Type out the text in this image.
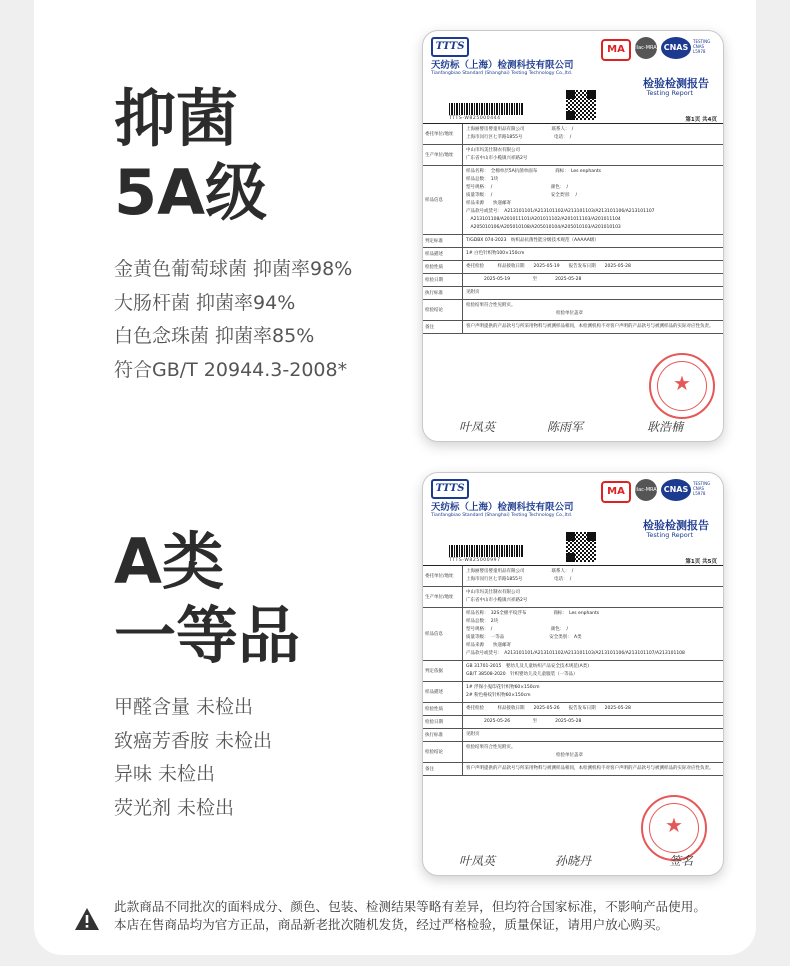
抑菌
5A级
金黄色葡萄球菌 抑菌率98%
大肠杆菌 抑菌率94%
白色念珠菌 抑菌率85%
符合GB/T 20944.3-2008*
TTTS
天纺标（上海）检测科技有限公司
Tianfangbiao Standard (Shanghai) Testing Technology Co.,ltd.
MA	ilac-MRA CNAS
TESTING CNAS L5978
检验检测报告
Testing Report
TTTS-W825000444	第1页 共4页
委托单位/地址
上海丽婴房婴童用品有限公司　　　　　　联系人：　/
上海市闵行区七莘路1855号　　　　　　　电话：　/
生产单位/地址
中山市玛美仕制衣有限公司
广东省中山市小榄镇兴祥路2号
样品信息
样品名称：　全棉单层5A抗菌单面布　　　　商标：　Les enphants
样品总数：　1块
型号规格：　/　　　　　　　　　　　　　颜色：　/
质量等级：　/　　　　　　　　　　　　　安全类别：　/
样品来源　　快递邮寄
产品款号或货号：　A213101101/A213101102/A213101103/A213101106/A213101107
　A213101108/A201011101/A201011102/A201011103/A201011104
　A205010106/A205010108/A205010104/A205010103/A201010103
判定标准	T/GDBX 074-2023　纺织品抗菌性能分级技术规范（AAAAA级）
样品描述	1# 白色针织物100×150cm
检验性质	委托检验　　　样品接收日期　　2025-05-19　　报告发布日期　　2025-05-28
检验日期	　　　　2025-05-19　　　　　至　　　　2025-05-28
执行标准	见附页
检验结论
检验结果符合性见附页。
　　　　　　　　　　　　　　　　　　　　检验单位盖章
备注	客户声明提供的产品款号与所采用物料与被测样品相同，本检测机构不对客户声明的产品款号与被测样品的实际对应性负责。
★
叶凤英	陈雨军	耿浩楠
A类
一等品
甲醛含量 未检出
致癌芳香胺 未检出
异味 未检出
荧光剂 未检出
TTTS
天纺标（上海）检测科技有限公司
Tianfangbiao Standard (Shanghai) Testing Technology Co.,ltd.
MA	ilac-MRA CNAS
TESTING CNAS L5978
检验检测报告
Testing Report
TTTS-W825000997	第1页 共5页
委托单位/地址
上海丽婴房婴童用品有限公司　　　　　　联系人：　/
上海市闵行区七莘路1855号　　　　　　　电话：　/
生产单位/地址
中山市玛美仕制衣有限公司
广东省中山市小榄镇兴祥路2号
样品信息
样品名称：　32S全棉平纹浮布　　　　　　商标：　Les enphants
样品总数：　2块
型号规格：　/　　　　　　　　　　　　　颜色：　/
质量等级：　一等品　　　　　　　　　　安全类别：　A类
样品来源　　快递邮寄
产品款号或货号：　A213101101/A213101102/A213101103/A213101106/A213101107/A213101108
判定依据
GB 31701-2015　婴幼儿及儿童纺织产品安全技术规范(A类)
GB/T 38508-2020　针织婴幼儿及儿童服装（一等品）
样品描述
1# 浮保小鬼印花针织物60×150cm
2# 粉色格纹针织物60×150cm
检验性质	委托检验　　　样品接收日期　　2025-05-26　　报告发布日期　　2025-05-28
检验日期	　　　　2025-05-26　　　　　至　　　　2025-05-28
执行标准	见附页
检验结论
检验结果符合性见附页。
　　　　　　　　　　　　　　　　　　　　检验单位盖章
备注	客户声明提供的产品款号与所采用物料与被测样品相同，本检测机构不对客户声明的产品款号与被测样品的实际对应性负责。
★
叶凤英	孙晓丹	签名

此款商品不同批次的面料成分、颜色、包装、检测结果等略有差异，但均符合国家标准，不影响产品使用。
本店在售商品均为官方正品，商品新老批次随机发货，经过严格检验，质量保证，请用户放心购买。
